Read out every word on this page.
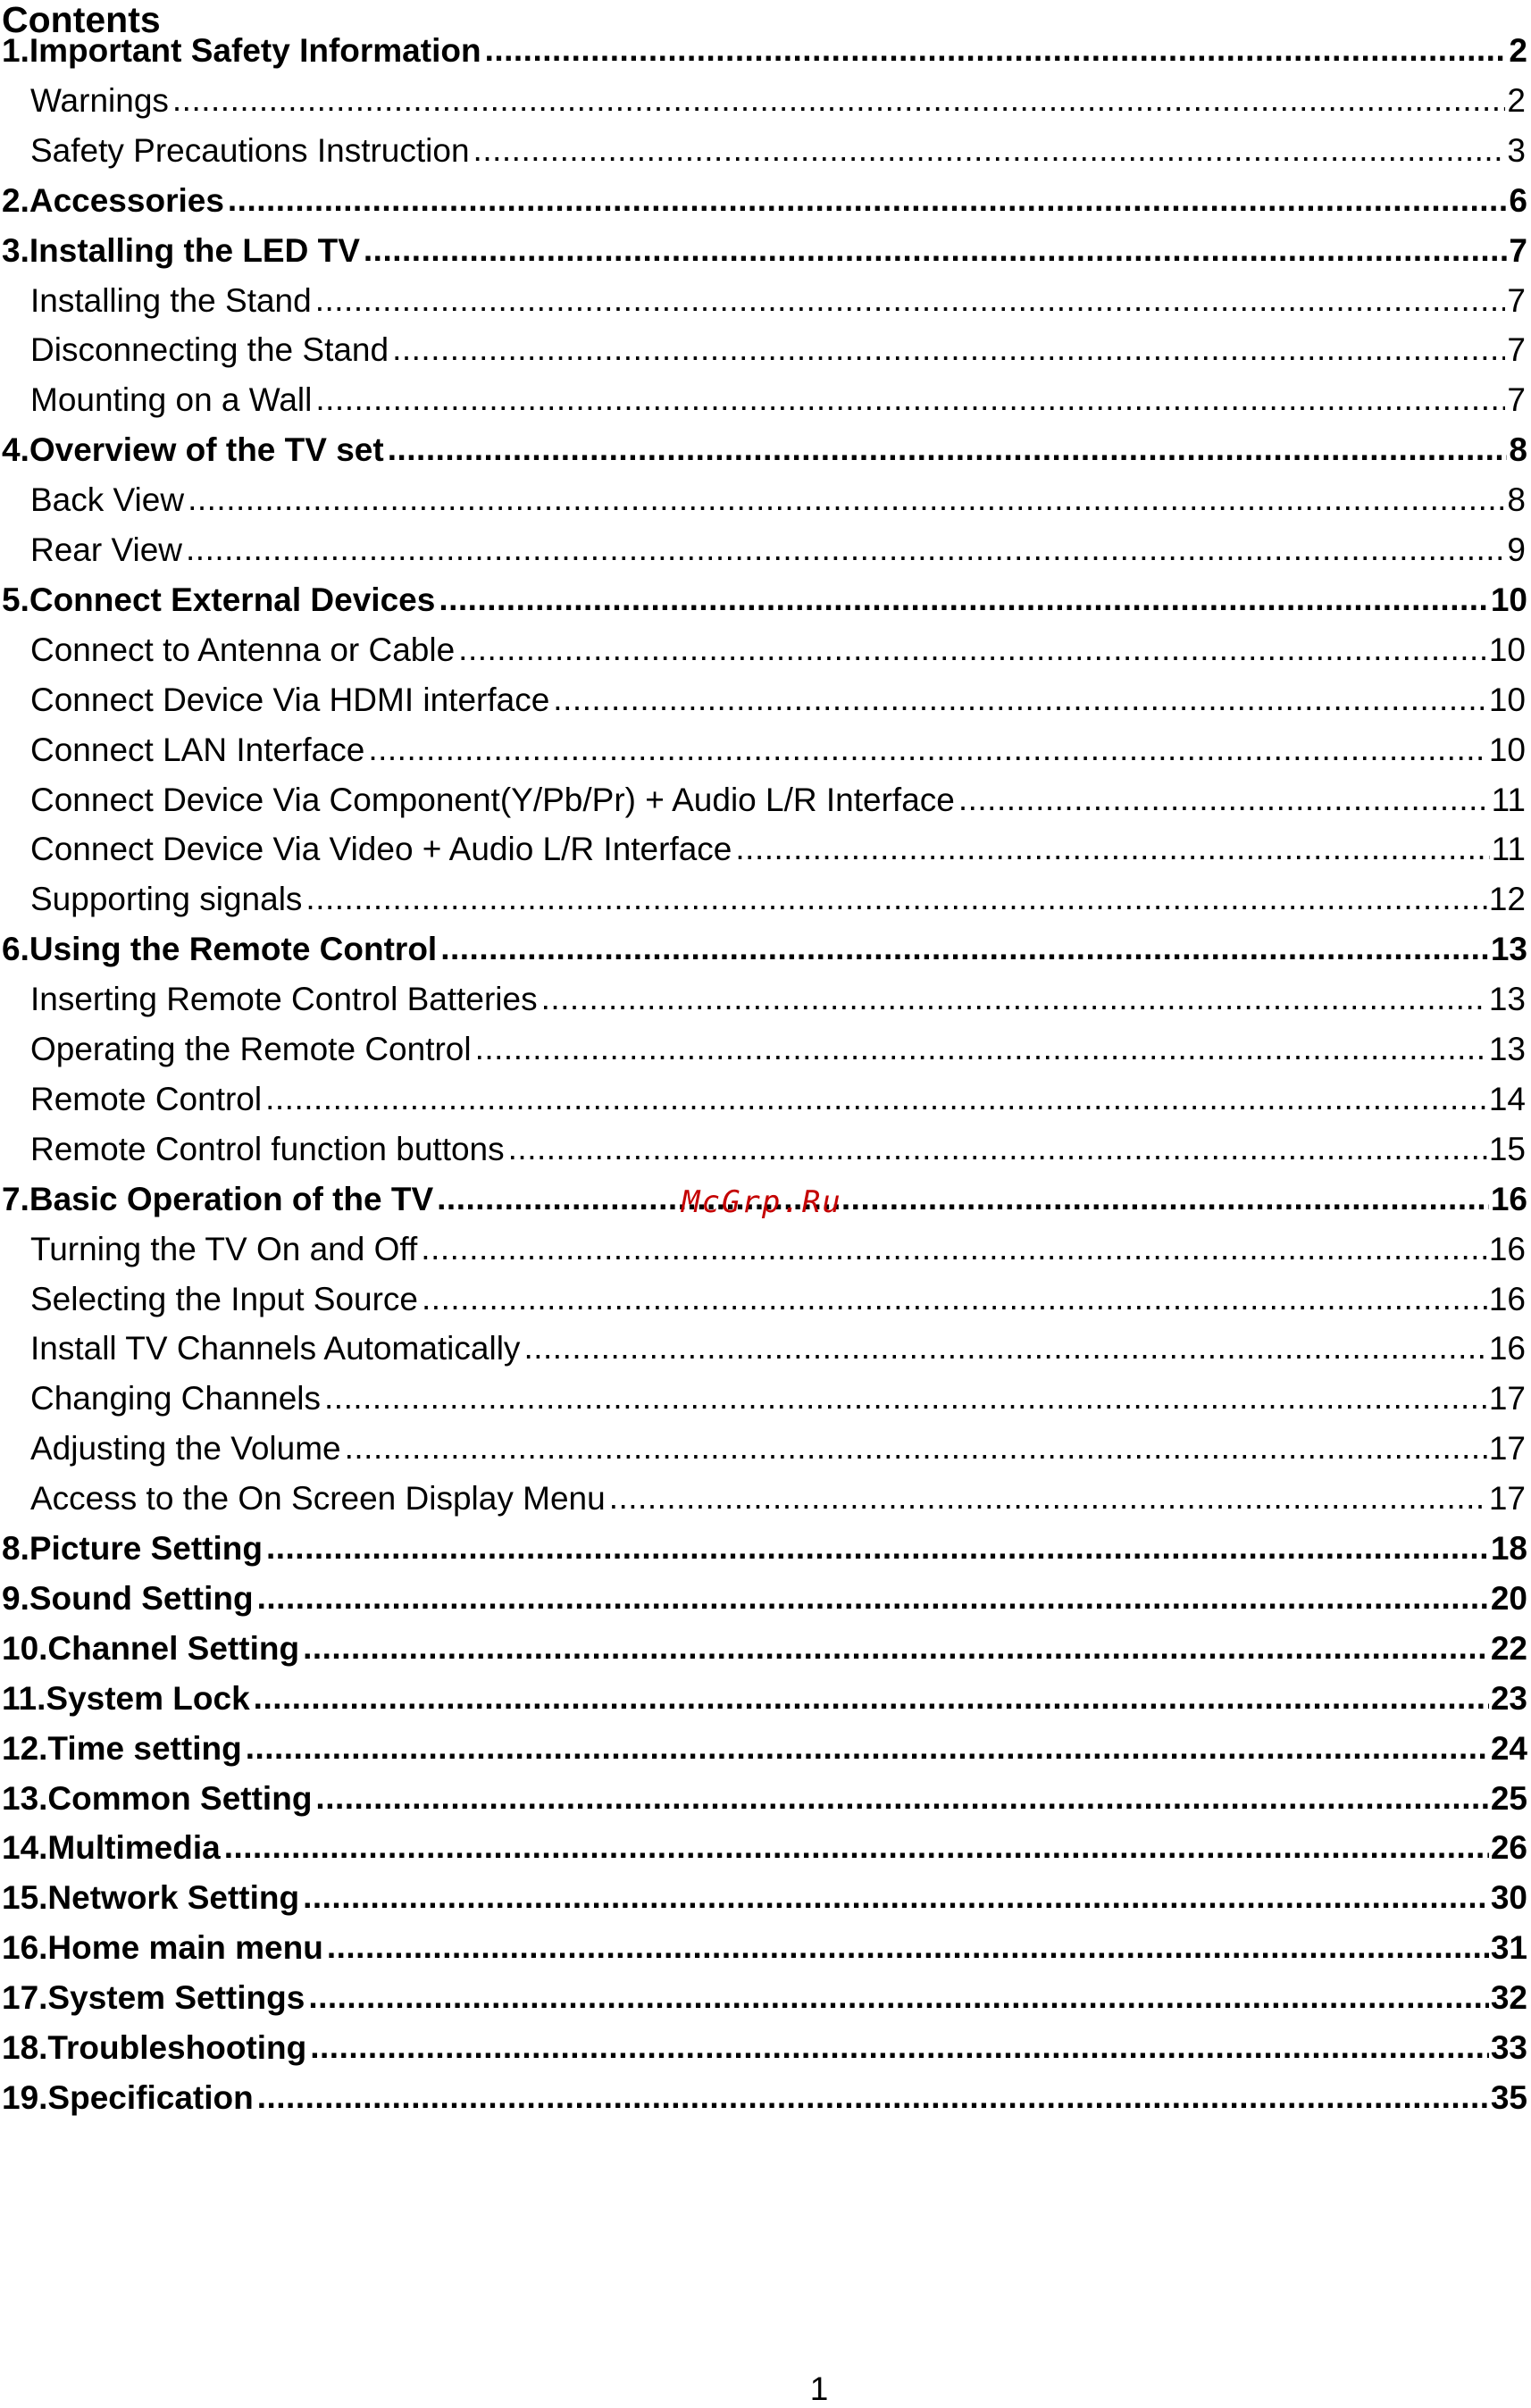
Contents
1.Important Safety Information .....	2
Warnings .....	2
Safety Precautions Instruction .....	3
2.Accessories .....	6
3.Installing the LED TV .....	7
Installing the Stand .....	7
Disconnecting the Stand .....	7
Mounting on a Wall .....	7
4.Overview of the TV set .....	8
Back View .....	8
Rear View .....	9
5.Connect External Devices .....	10
Connect to Antenna or Cable .....	10
Connect Device Via HDMI interface .....	10
Connect LAN Interface .....	10
Connect Device Via Component(Y/Pb/Pr) + Audio L/R Interface .....	11
Connect Device Via Video + Audio L/R Interface .....	11
Supporting signals .....	12
6.Using the Remote Control .....	13
Inserting Remote Control Batteries .....	13
Operating the Remote Control .....	13
Remote Control .....	14
Remote Control function buttons .....	15
7.Basic Operation of the TV .....	16
Turning the TV On and Off .....	16
Selecting the Input Source .....	16
Install TV Channels Automatically .....	16
Changing Channels .....	17
Adjusting the Volume .....	17
Access to the On Screen Display Menu .....	17
8.Picture Setting .....	18
9.Sound Setting .....	20
10.Channel Setting .....	22
11.System Lock .....	23
12.Time setting .....	24
13.Common Setting .....	25
14.Multimedia .....	26
15.Network Setting .....	30
16.Home main menu .....	31
17.System Settings .....	32
18.Troubleshooting .....	33
19.Specification .....	35
McGrp.Ru
1
